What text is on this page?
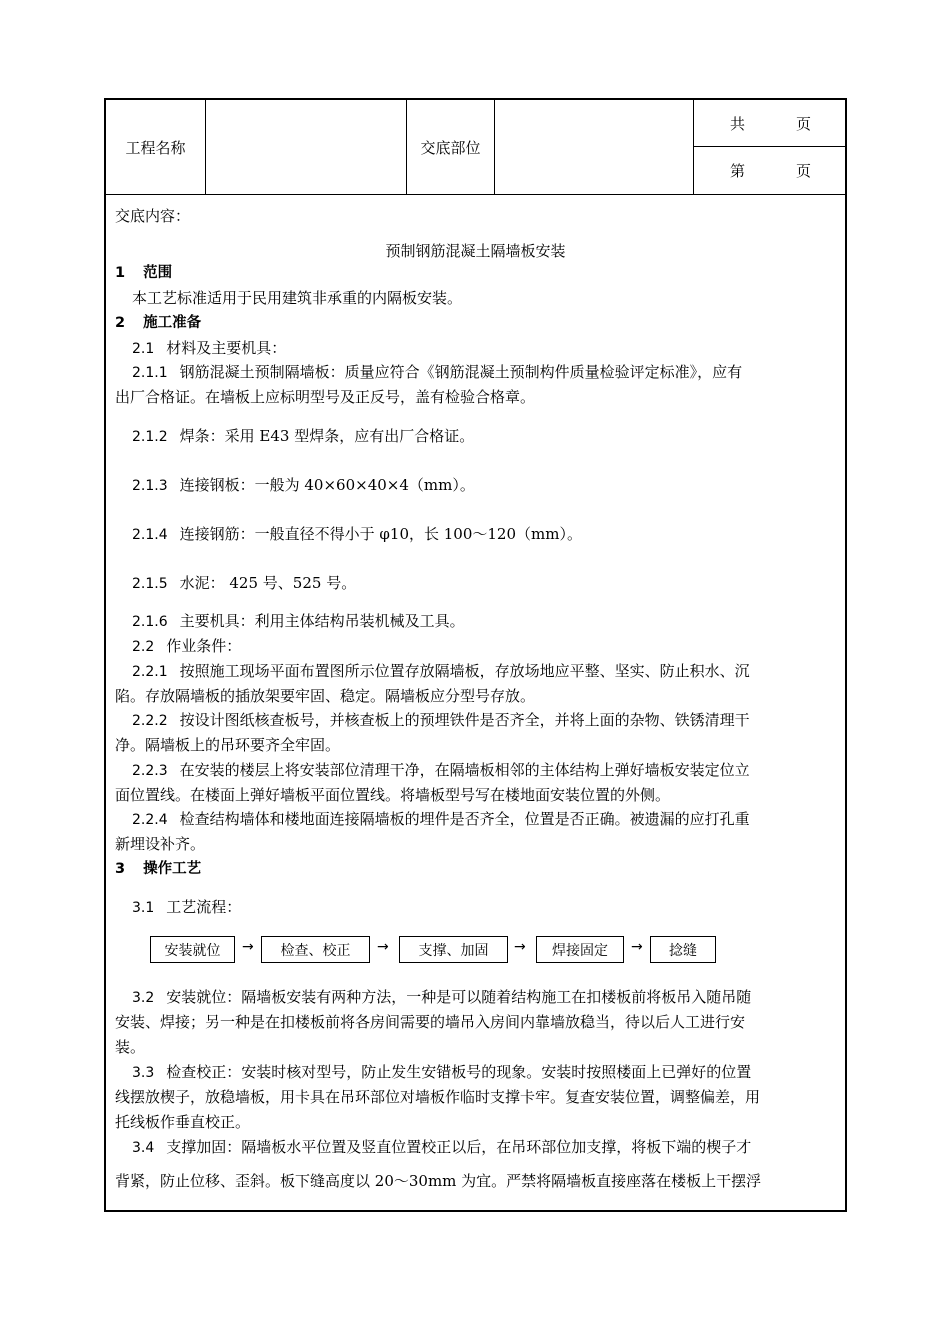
工程名称	交底部位
共	页
第	页
交底内容：
预制钢筋混凝土隔墙板安装
1 范围
本工艺标准适用于民用建筑非承重的内隔板安装。
2 施工准备
2.1 材料及主要机具：
2.1.1 钢筋混凝土预制隔墙板：质量应符合《钢筋混凝土预制构件质量检验评定标准》，应有
出厂合格证。在墙板上应标明型号及正反号，盖有检验合格章。
2.1.2 焊条：采用 E43 型焊条，应有出厂合格证。
2.1.3 连接钢板：一般为 40×60×40×4（mm）。
2.1.4 连接钢筋：一般直径不得小于 φ10，长 100～120（mm）。
2.1.5 水泥： 425 号、525 号。
2.1.6 主要机具：利用主体结构吊装机械及工具。
2.2 作业条件：
2.2.1 按照施工现场平面布置图所示位置存放隔墙板，存放场地应平整、坚实、防止积水、沉
陷。存放隔墙板的插放架要牢固、稳定。隔墙板应分型号存放。
2.2.2 按设计图纸核查板号，并核查板上的预埋铁件是否齐全，并将上面的杂物、铁锈清理干
净。隔墙板上的吊环要齐全牢固。
2.2.3 在安装的楼层上将安装部位清理干净，在隔墙板相邻的主体结构上弹好墙板安装定位立
面位置线。在楼面上弹好墙板平面位置线。将墙板型号写在楼地面安装位置的外侧。
2.2.4 检查结构墙体和楼地面连接隔墙板的埋件是否齐全，位置是否正确。被遗漏的应打孔重
新埋设补齐。
3 操作工艺
3.1 工艺流程：
安装就位	→	检查、校正	→	支撑、加固	→	焊接固定	→	捻缝
3.2 安装就位：隔墙板安装有两种方法，一种是可以随着结构施工在扣楼板前将板吊入随吊随
安装、焊接；另一种是在扣楼板前将各房间需要的墙吊入房间内靠墙放稳当，待以后人工进行安
装。
3.3 检查校正：安装时核对型号，防止发生安错板号的现象。安装时按照楼面上已弹好的位置
线摆放楔子，放稳墙板，用卡具在吊环部位对墙板作临时支撑卡牢。复查安装位置，调整偏差，用
托线板作垂直校正。
3.4 支撑加固：隔墙板水平位置及竖直位置校正以后，在吊环部位加支撑，将板下端的楔子才
背紧，防止位移、歪斜。板下缝高度以 20～30mm 为宜。严禁将隔墙板直接座落在楼板上干摆浮
